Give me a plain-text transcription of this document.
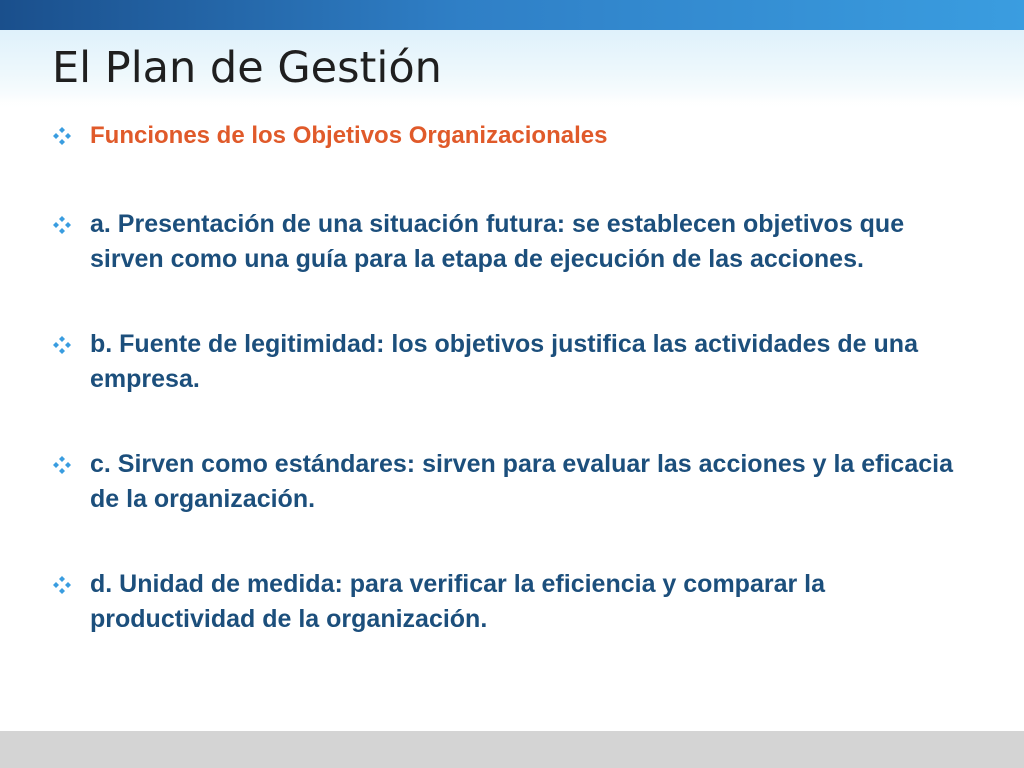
El Plan de Gestión
Funciones de los Objetivos Organizacionales
a. Presentación de una situación futura: se establecen objetivos que sirven como una guía para la etapa de ejecución de las acciones.
b. Fuente de legitimidad: los objetivos justifica las actividades de una empresa.
c. Sirven como estándares: sirven para evaluar las acciones y la eficacia de la organización.
d. Unidad de medida: para verificar la eficiencia y comparar la productividad de la organización.
